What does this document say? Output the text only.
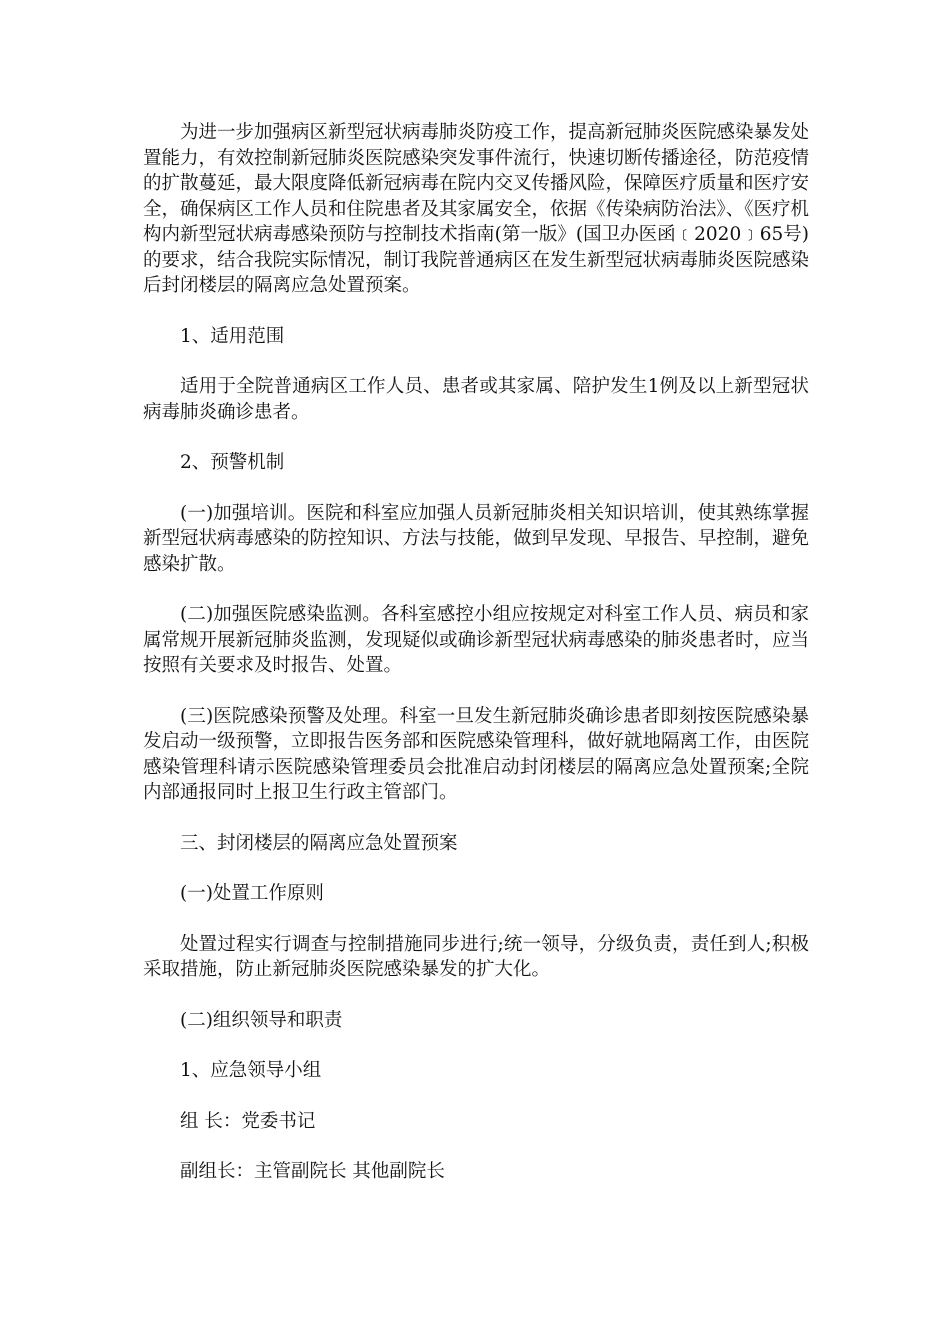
为进一步加强病区新型冠状病毒肺炎防疫工作，提高新冠肺炎医院感染暴发处置能力，有效控制新冠肺炎医院感染突发事件流行，快速切断传播途径，防范疫情的扩散蔓延，最大限度降低新冠病毒在院内交叉传播风险，保障医疗质量和医疗安全，确保病区工作人员和住院患者及其家属安全，依据《传染病防治法》、《医疗机构内新型冠状病毒感染预防与控制技术指南(第一版》(国卫办医函﹝2020﹞65号)的要求，结合我院实际情况，制订我院普通病区在发生新型冠状病毒肺炎医院感染后封闭楼层的隔离应急处置预案。

1、适用范围

适用于全院普通病区工作人员、患者或其家属、陪护发生1例及以上新型冠状病毒肺炎确诊患者。

2、预警机制

(一)加强培训。医院和科室应加强人员新冠肺炎相关知识培训，使其熟练掌握新型冠状病毒感染的防控知识、方法与技能，做到早发现、早报告、早控制，避免感染扩散。

(二)加强医院感染监测。各科室感控小组应按规定对科室工作人员、病员和家属常规开展新冠肺炎监测，发现疑似或确诊新型冠状病毒感染的肺炎患者时，应当按照有关要求及时报告、处置。

(三)医院感染预警及处理。科室一旦发生新冠肺炎确诊患者即刻按医院感染暴发启动一级预警，立即报告医务部和医院感染管理科，做好就地隔离工作，由医院感染管理科请示医院感染管理委员会批准启动封闭楼层的隔离应急处置预案;全院内部通报同时上报卫生行政主管部门。

三、封闭楼层的隔离应急处置预案

(一)处置工作原则

处置过程实行调查与控制措施同步进行;统一领导，分级负责，责任到人;积极采取措施，防止新冠肺炎医院感染暴发的扩大化。

(二)组织领导和职责

1、应急领导小组

组 长：党委书记

副组长：主管副院长 其他副院长
